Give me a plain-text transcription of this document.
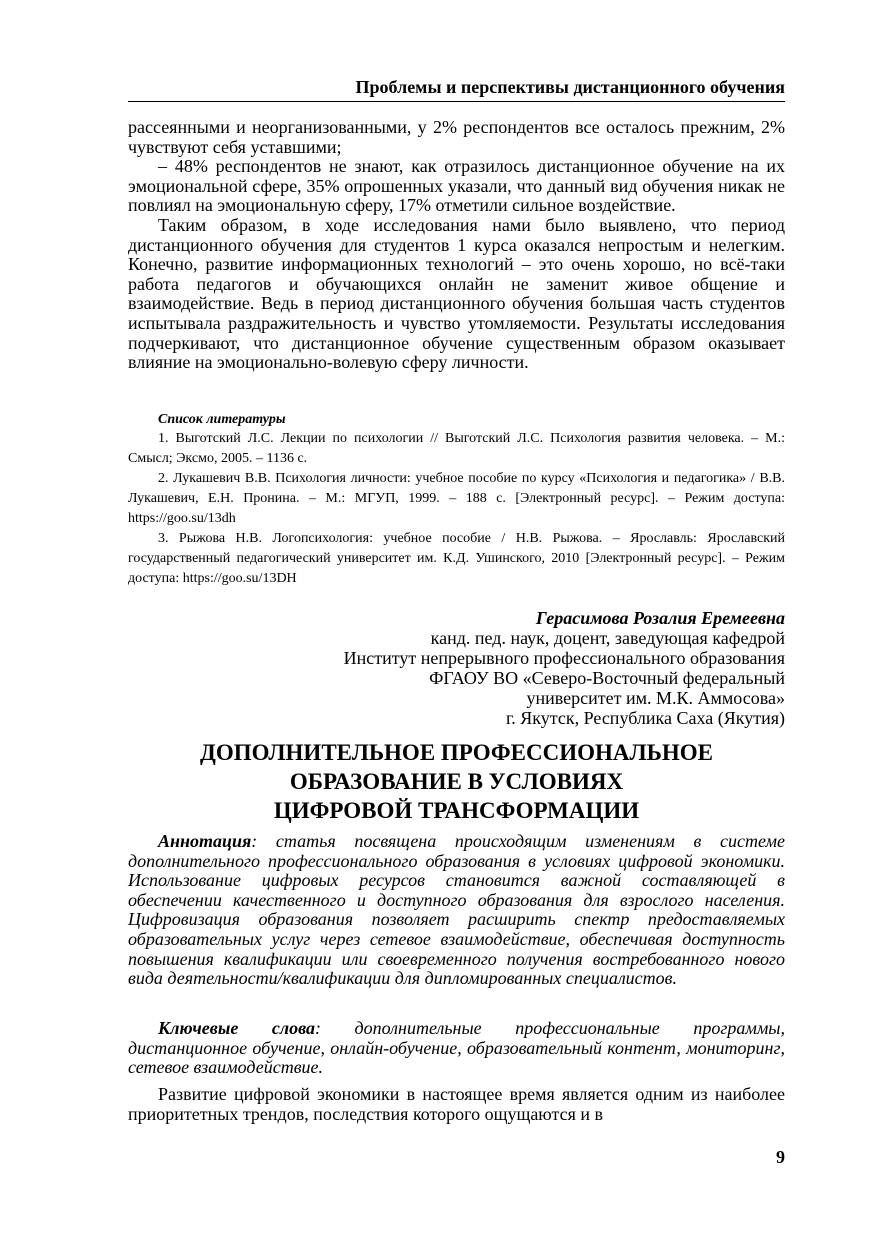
Проблемы и перспективы дистанционного обучения

рассеянными и неорганизованными, у 2% респондентов все осталось прежним, 2% чувствуют себя уставшими;

– 48% респондентов не знают, как отразилось дистанционное обучение на их эмоциональной сфере, 35% опрошенных указали, что данный вид обучения никак не повлиял на эмоциональную сферу, 17% отметили сильное воздействие.

Таким образом, в ходе исследования нами было выявлено, что период дистанционного обучения для студентов 1 курса оказался непростым и нелегким. Конечно, развитие информационных технологий – это очень хорошо, но всё-таки работа педагогов и обучающихся онлайн не заменит живое общение и взаимодействие. Ведь в период дистанционного обучения большая часть студентов испытывала раздражительность и чувство утомляемости. Результаты исследования подчеркивают, что дистанционное обучение существенным образом оказывает влияние на эмоционально-волевую сферу личности.

Список литературы

1. Выготский Л.С. Лекции по психологии // Выготский Л.С. Психология развития человека. – М.: Смысл; Эксмо, 2005. – 1136 с.

2. Лукашевич В.В. Психология личности: учебное пособие по курсу «Психология и педагогика» / В.В. Лукашевич, Е.Н. Пронина. – М.: МГУП, 1999. – 188 с. [Электронный ресурс]. – Режим доступа: https://goo.su/13dh

3. Рыжова Н.В. Логопсихология: учебное пособие / Н.В. Рыжова. – Ярославль: Ярославский государственный педагогический университет им. К.Д. Ушинского, 2010 [Электронный ресурс]. – Режим доступа: https://goo.su/13DH

Герасимова Розалия Еремеевна
канд. пед. наук, доцент, заведующая кафедрой
Институт непрерывного профессионального образования
ФГАОУ ВО «Северо-Восточный федеральный
университет им. М.К. Аммосова»
г. Якутск, Республика Саха (Якутия)
ДОПОЛНИТЕЛЬНОЕ ПРОФЕССИОНАЛЬНОЕ
ОБРАЗОВАНИЕ В УСЛОВИЯХ
ЦИФРОВОЙ ТРАНСФОРМАЦИИ

Аннотация: статья посвящена происходящим изменениям в системе дополнительного профессионального образования в условиях цифровой экономики. Использование цифровых ресурсов становится важной составляющей в обеспечении качественного и доступного образования для взрослого населения. Цифровизация образования позволяет расширить спектр предоставляемых образовательных услуг через сетевое взаимодействие, обеспечивая доступность повышения квалификации или своевременного получения востребованного нового вида деятельности/квалификации для дипломированных специалистов.

Ключевые слова: дополнительные профессиональные программы, дистанционное обучение, онлайн-обучение, образовательный контент, мониторинг, сетевое взаимодействие.

Развитие цифровой экономики в настоящее время является одним из наиболее приоритетных трендов, последствия которого ощущаются и в

9
